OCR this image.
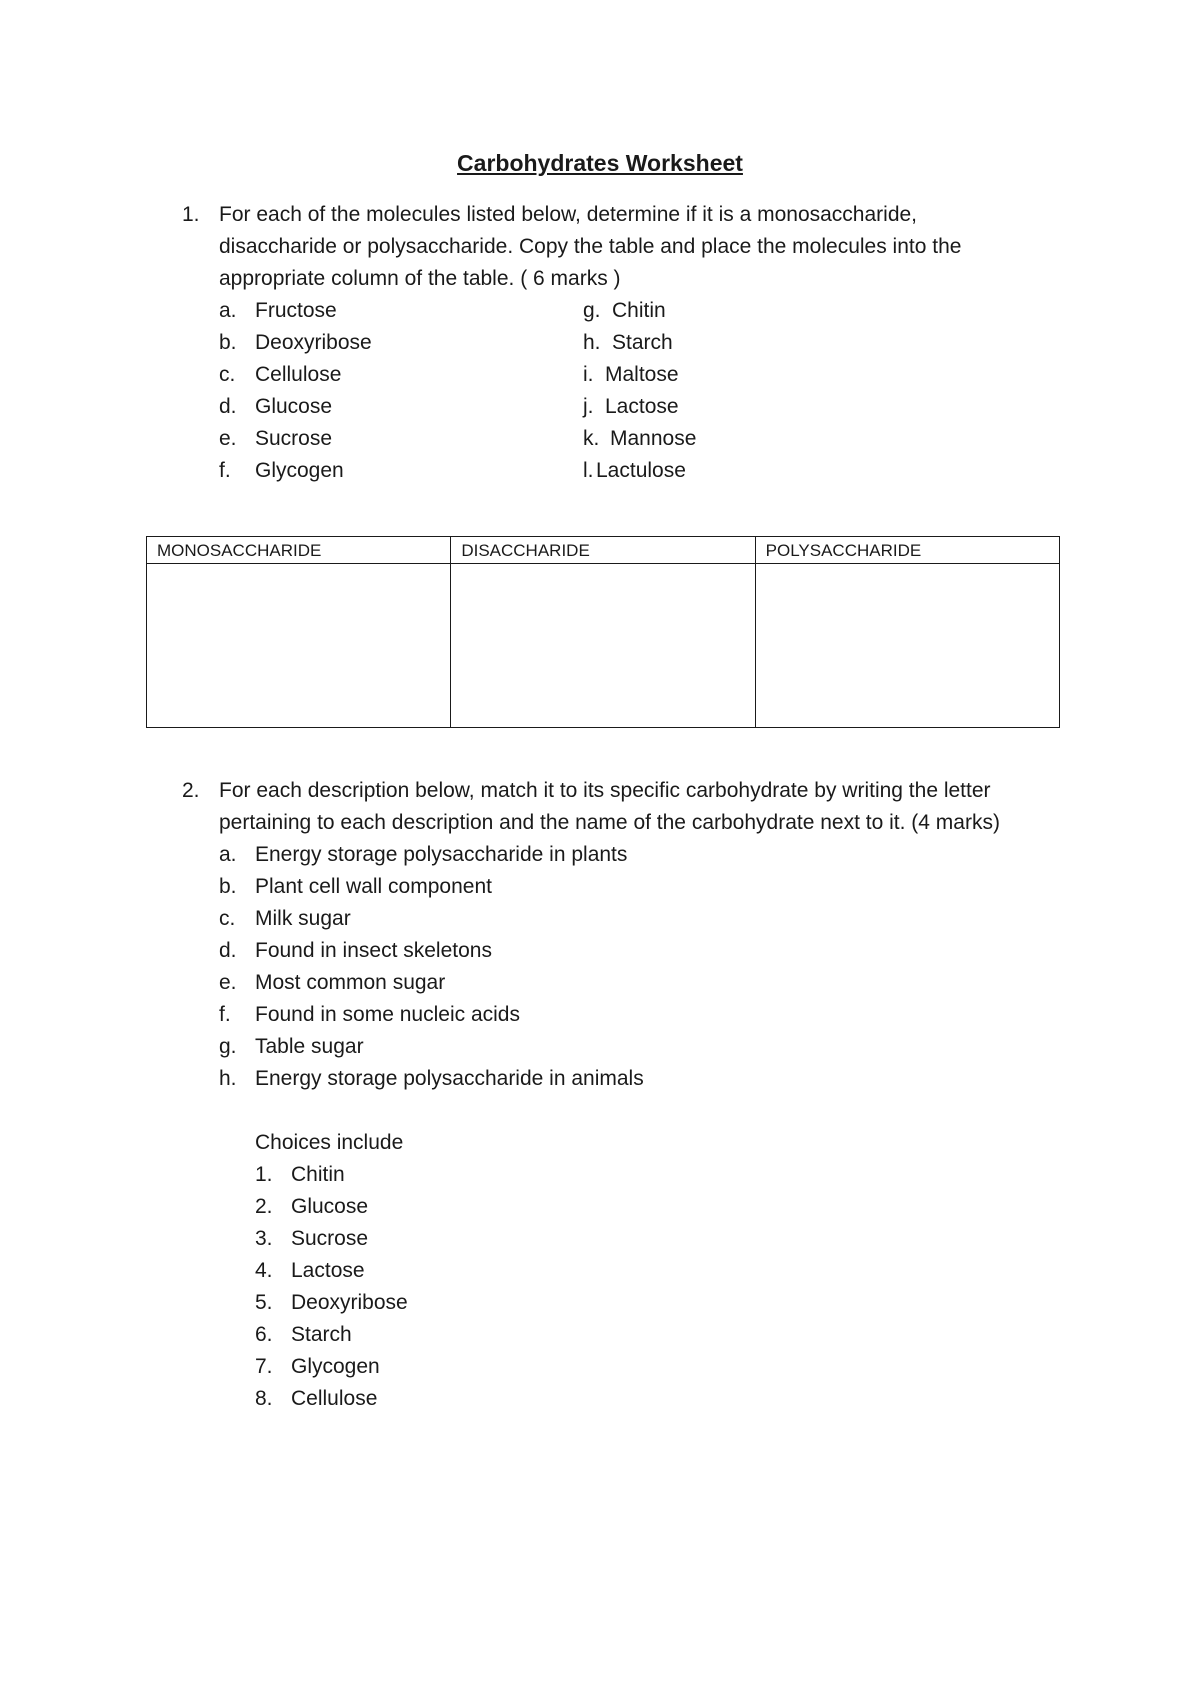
Carbohydrates Worksheet
1. For each of the molecules listed below, determine if it is a monosaccharide,
disaccharide or polysaccharide. Copy the table and place the molecules into the
appropriate column of the table. ( 6 marks )
a. Fructose
b. Deoxyribose
c. Cellulose
d. Glucose
e. Sucrose
f. Glycogen
g. Chitin
h. Starch
i. Maltose
j. Lactose
k. Mannose
l. Lactulose
MONOSACCHARIDE	DISACCHARIDE	POLYSACCHARIDE

2. For each description below, match it to its specific carbohydrate by writing the letter
pertaining to each description and the name of the carbohydrate next to it. (4 marks)
a. Energy storage polysaccharide in plants
b. Plant cell wall component
c. Milk sugar
d. Found in insect skeletons
e. Most common sugar
f. Found in some nucleic acids
g. Table sugar
h. Energy storage polysaccharide in animals
Choices include
1. Chitin
2. Glucose
3. Sucrose
4. Lactose
5. Deoxyribose
6. Starch
7. Glycogen
8. Cellulose
